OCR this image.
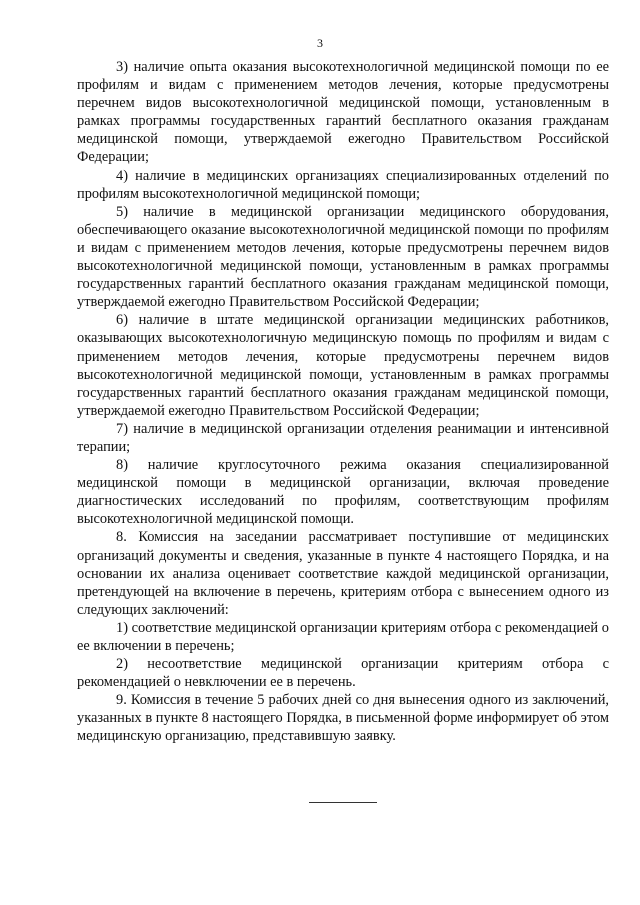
3

3) наличие опыта оказания высокотехнологичной медицинской помощи по ее профилям и видам с применением методов лечения, которые предусмотрены перечнем видов высокотехнологичной медицинской помощи, установленным в рамках программы государственных гарантий бесплатного оказания гражданам медицинской помощи, утверждаемой ежегодно Правительством Российской Федерации;

4) наличие в медицинских организациях специализированных отделений по профилям высокотехнологичной медицинской помощи;

5) наличие в медицинской организации медицинского оборудования, обеспечивающего оказание высокотехнологичной медицинской помощи по профилям и видам с применением методов лечения, которые предусмотрены перечнем видов высокотехнологичной медицинской помощи, установленным в рамках программы государственных гарантий бесплатного оказания гражданам медицинской помощи, утверждаемой ежегодно Правительством Российской Федерации;

6) наличие в штате медицинской организации медицинских работников, оказывающих высокотехнологичную медицинскую помощь по профилям и видам с применением методов лечения, которые предусмотрены перечнем видов высокотехнологичной медицинской помощи, установленным в рамках программы государственных гарантий бесплатного оказания гражданам медицинской помощи, утверждаемой ежегодно Правительством Российской Федерации;

7) наличие в медицинской организации отделения реанимации и интенсивной терапии;

8) наличие круглосуточного режима оказания специализированной медицинской помощи в медицинской организации, включая проведение диагностических исследований по профилям, соответствующим профилям высокотехнологичной медицинской помощи.

8. Комиссия на заседании рассматривает поступившие от медицинских организаций документы и сведения, указанные в пункте 4 настоящего Порядка, и на основании их анализа оценивает соответствие каждой медицинской организации, претендующей на включение в перечень, критериям отбора с вынесением одного из следующих заключений:

1) соответствие медицинской организации критериям отбора с рекомендацией о ее включении в перечень;

2) несоответствие медицинской организации критериям отбора с рекомендацией о невключении ее в перечень.

9. Комиссия в течение 5 рабочих дней со дня вынесения одного из заключений, указанных в пункте 8 настоящего Порядка, в письменной форме информирует об этом медицинскую организацию, представившую заявку.
